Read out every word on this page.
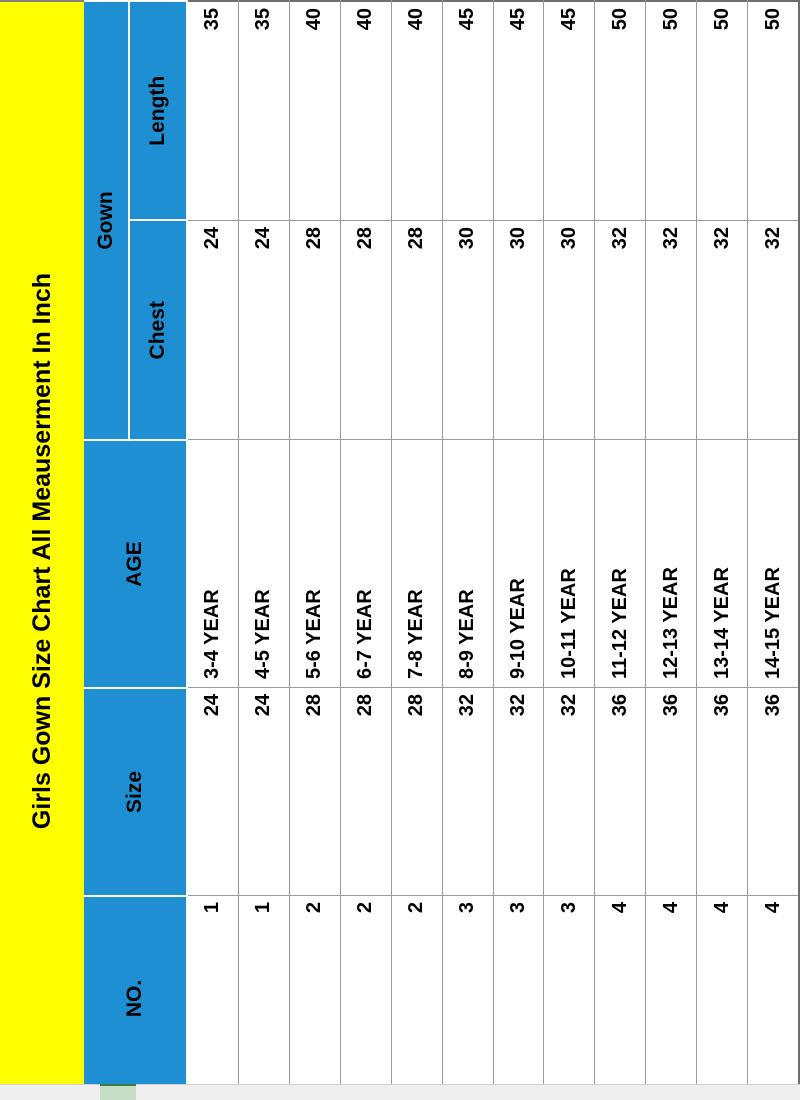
Girls Gown Size Chart All Meauserment In Inch
NO.
Size
AGE
Gown
Chest
Length
1
24
3-4 YEAR
24
35
1
24
4-5 YEAR
24
35
2
28
5-6 YEAR
28
40
2
28
6-7 YEAR
28
40
2
28
7-8 YEAR
28
40
3
32
8-9 YEAR
30
45
3
32
9-10 YEAR
30
45
3
32
10-11 YEAR
30
45
4
36
11-12 YEAR
32
50
4
36
12-13 YEAR
32
50
4
36
13-14 YEAR
32
50
4
36
14-15 YEAR
32
50
